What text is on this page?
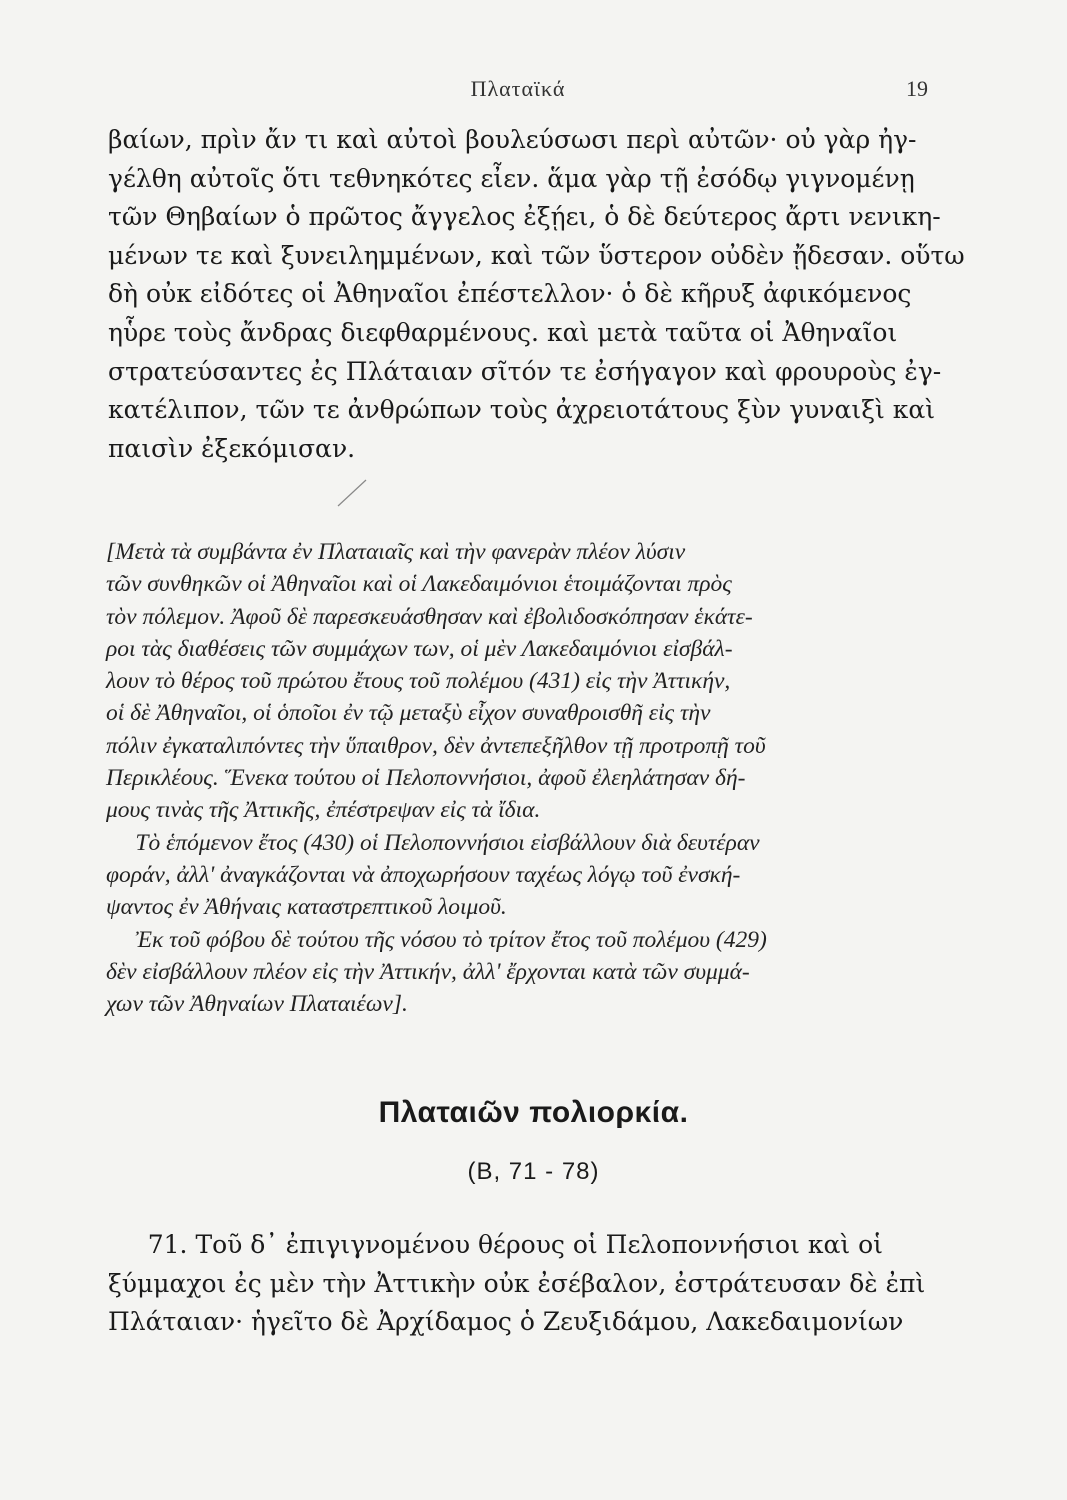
Πλαταϊκά	19
βαίων, πρὶν ἄν τι καὶ αὐτοὶ βουλεύσωσι περὶ αὐτῶν· οὐ γὰρ ἠγ-
γέλθη αὐτοῖς ὅτι τεθνηκότες εἶεν. ἅμα γὰρ τῇ ἐσόδῳ γιγνομένῃ
τῶν Θηβαίων ὁ πρῶτος ἄγγελος ἐξῄει, ὁ δὲ δεύτερος ἄρτι νενικη-
μένων τε καὶ ξυνειλημμένων, καὶ τῶν ὕστερον οὐδὲν ᾔδεσαν. οὕτω
δὴ οὐκ εἰδότες οἱ Ἀθηναῖοι ἐπέστελλον· ὁ δὲ κῆρυξ ἀφικόμενος
ηὗρε τοὺς ἄνδρας διεφθαρμένους. καὶ μετὰ ταῦτα οἱ Ἀθηναῖοι
στρατεύσαντες ἐς Πλάταιαν σῖτόν τε ἐσήγαγον καὶ φρουροὺς ἐγ-
κατέλιπον, τῶν τε ἀνθρώπων τοὺς ἀχρειοτάτους ξὺν γυναιξὶ καὶ
παισὶν ἐξεκόμισαν.
[Μετὰ τὰ συμβάντα ἐν Πλαταιαῖς καὶ τὴν φανερὰν πλέον λύσιν
τῶν συνθηκῶν οἱ Ἀθηναῖοι καὶ οἱ Λακεδαιμόνιοι ἑτοιμάζονται πρὸς
τὸν πόλεμον. Ἀφοῦ δὲ παρεσκευάσθησαν καὶ ἐβολιδοσκόπησαν ἑκάτε-
ροι τὰς διαθέσεις τῶν συμμάχων των, οἱ μὲν Λακεδαιμόνιοι εἰσβάλ-
λουν τὸ θέρος τοῦ πρώτου ἔτους τοῦ πολέμου (431) εἰς τὴν Ἀττικήν,
οἱ δὲ Ἀθηναῖοι, οἱ ὁποῖοι ἐν τῷ μεταξὺ εἶχον συναθροισθῆ εἰς τὴν
πόλιν ἐγκαταλιπόντες τὴν ὕπαιθρον, δὲν ἀντεπεξῆλθον τῇ προτροπῇ τοῦ
Περικλέους. Ἕνεκα τούτου οἱ Πελοποννήσιοι, ἀφοῦ ἐλεηλάτησαν δή-
μους τινὰς τῆς Ἀττικῆς, ἐπέστρεψαν εἰς τὰ ἴδια.
Τὸ ἑπόμενον ἔτος (430) οἱ Πελοποννήσιοι εἰσβάλλουν διὰ δευτέραν
φοράν, ἀλλ' ἀναγκάζονται νὰ ἀποχωρήσουν ταχέως λόγῳ τοῦ ἐνσκή-
ψαντος ἐν Ἀθήναις καταστρεπτικοῦ λοιμοῦ.
Ἐκ τοῦ φόβου δὲ τούτου τῆς νόσου τὸ τρίτον ἔτος τοῦ πολέμου (429)
δὲν εἰσβάλλουν πλέον εἰς τὴν Ἀττικήν, ἀλλ' ἔρχονται κατὰ τῶν συμμά-
χων τῶν Ἀθηναίων Πλαταιέων].
Πλαταιῶν πολιορκία.
(Β, 71 - 78)
71. Τοῦ δ᾽ ἐπιγιγνομένου θέρους οἱ Πελοποννήσιοι καὶ οἱ
ξύμμαχοι ἐς μὲν τὴν Ἀττικὴν οὐκ ἐσέβαλον, ἐστράτευσαν δὲ ἐπὶ
Πλάταιαν· ἡγεῖτο δὲ Ἀρχίδαμος ὁ Ζευξιδάμου, Λακεδαιμονίων
